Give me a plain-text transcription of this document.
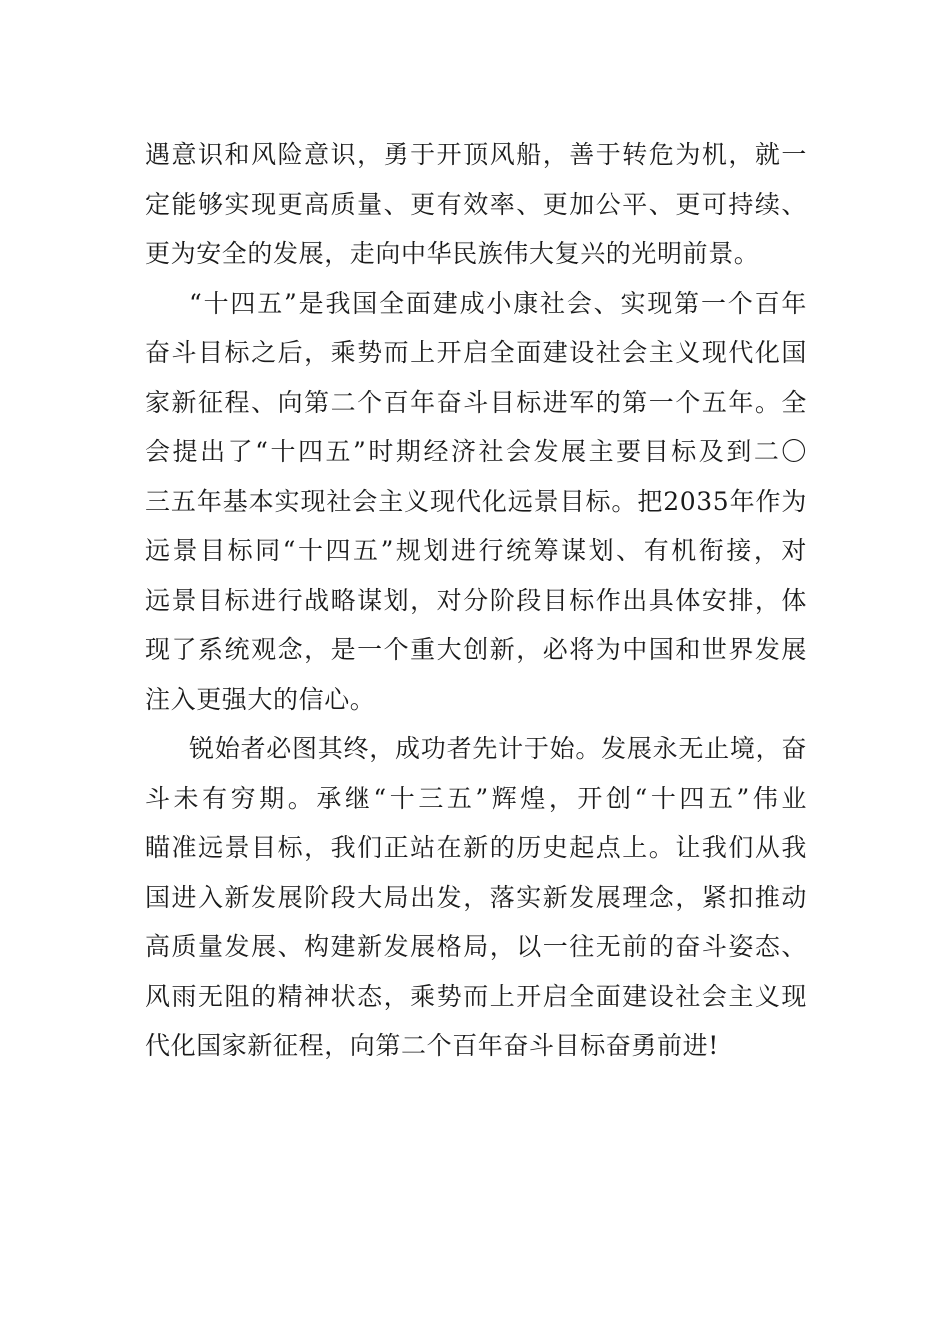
遇意识和风险意识，勇于开顶风船，善于转危为机，就一
定能够实现更高质量、更有效率、更加公平、更可持续、
更为安全的发展，走向中华民族伟大复兴的光明前景。
“十四五”是我国全面建成小康社会、实现第一个百年
奋斗目标之后，乘势而上开启全面建设社会主义现代化国
家新征程、向第二个百年奋斗目标进军的第一个五年。全
会提出了“十四五”时期经济社会发展主要目标及到二〇
三五年基本实现社会主义现代化远景目标。把2035年作为
远景目标同“十四五”规划进行统筹谋划、有机衔接，对
远景目标进行战略谋划，对分阶段目标作出具体安排，体
现了系统观念，是一个重大创新，必将为中国和世界发展
注入更强大的信心。
锐始者必图其终，成功者先计于始。发展永无止境，奋
斗未有穷期。承继“十三五”辉煌，开创“十四五”伟业
瞄准远景目标，我们正站在新的历史起点上。让我们从我
国进入新发展阶段大局出发，落实新发展理念，紧扣推动
高质量发展、构建新发展格局，以一往无前的奋斗姿态、
风雨无阻的精神状态，乘势而上开启全面建设社会主义现
代化国家新征程，向第二个百年奋斗目标奋勇前进!
